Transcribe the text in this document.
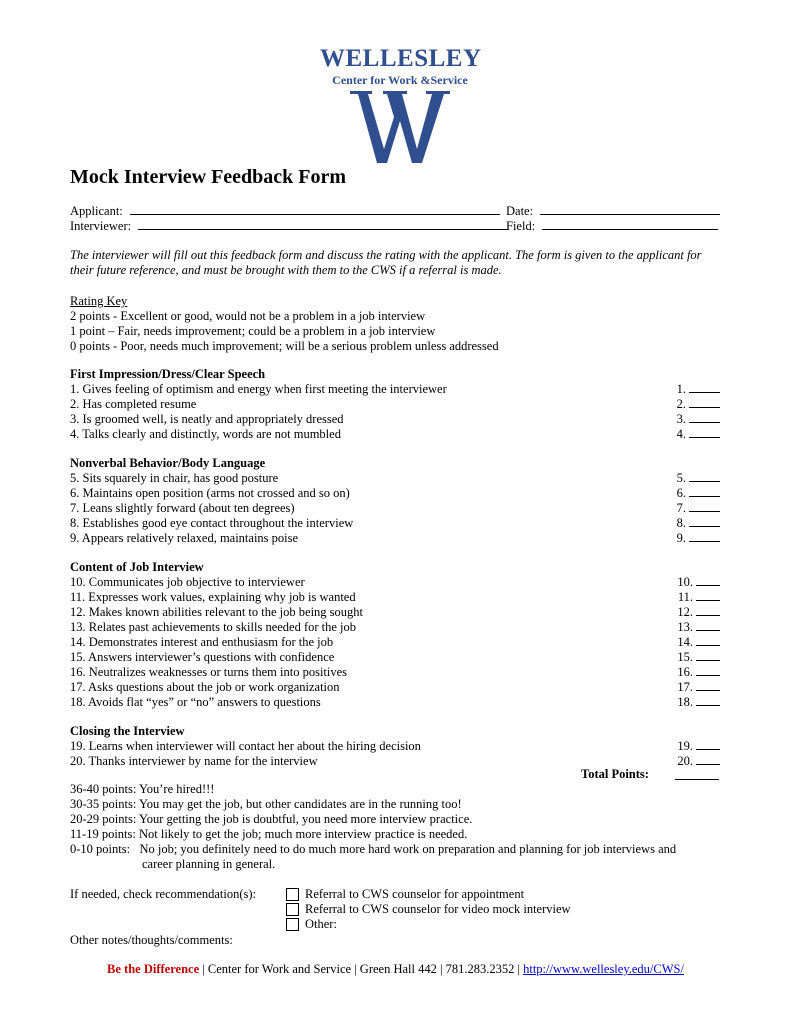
WELLESLEY
Center for Work &Service
Mock Interview Feedback Form
Applicant:	Date:
Interviewer:	Field:
The interviewer will fill out this feedback form and discuss the rating with the applicant. The form is given to the applicant for their future reference, and must be brought with them to the CWS if a referral is made.
Rating Key
2 points - Excellent or good, would not be a problem in a job interview
1 point – Fair, needs improvement; could be a problem in a job interview
0 points - Poor, needs much improvement; will be a serious problem unless addressed
First Impression/Dress/Clear Speech
1. Gives feeling of optimism and energy when first meeting the interviewer	1.
2. Has completed resume	2.
3. Is groomed well, is neatly and appropriately dressed	3.
4. Talks clearly and distinctly, words are not mumbled	4.
Nonverbal Behavior/Body Language
5. Sits squarely in chair, has good posture	5.
6. Maintains open position (arms not crossed and so on)	6.
7. Leans slightly forward (about ten degrees)	7.
8. Establishes good eye contact throughout the interview	8.
9. Appears relatively relaxed, maintains poise	9.
Content of Job Interview
10. Communicates job objective to interviewer	10.
11. Expresses work values, explaining why job is wanted	11.
12. Makes known abilities relevant to the job being sought	12.
13. Relates past achievements to skills needed for the job	13.
14. Demonstrates interest and enthusiasm for the job	14.
15. Answers interviewer’s questions with confidence	15.
16. Neutralizes weaknesses or turns them into positives	16.
17. Asks questions about the job or work organization	17.
18. Avoids flat “yes” or “no” answers to questions	18.
Closing the Interview
19. Learns when interviewer will contact her about the hiring decision	19.
20. Thanks interviewer by name for the interview	20.
Total Points:
36-40 points: You’re hired!!!
30-35 points: You may get the job, but other candidates are in the running too!
20-29 points: Your getting the job is doubtful, you need more interview practice.
11-19 points: Not likely to get the job; much more interview practice is needed.
0-10 points:   No job; you definitely need to do much more hard work on preparation and planning for job interviews and
career planning in general.
If needed, check recommendation(s):	Referral to CWS counselor for appointment
Referral to CWS counselor for video mock interview
Other:
Other notes/thoughts/comments:
Be the Difference | Center for Work and Service | Green Hall 442 | 781.283.2352 | http://www.wellesley.edu/CWS/
